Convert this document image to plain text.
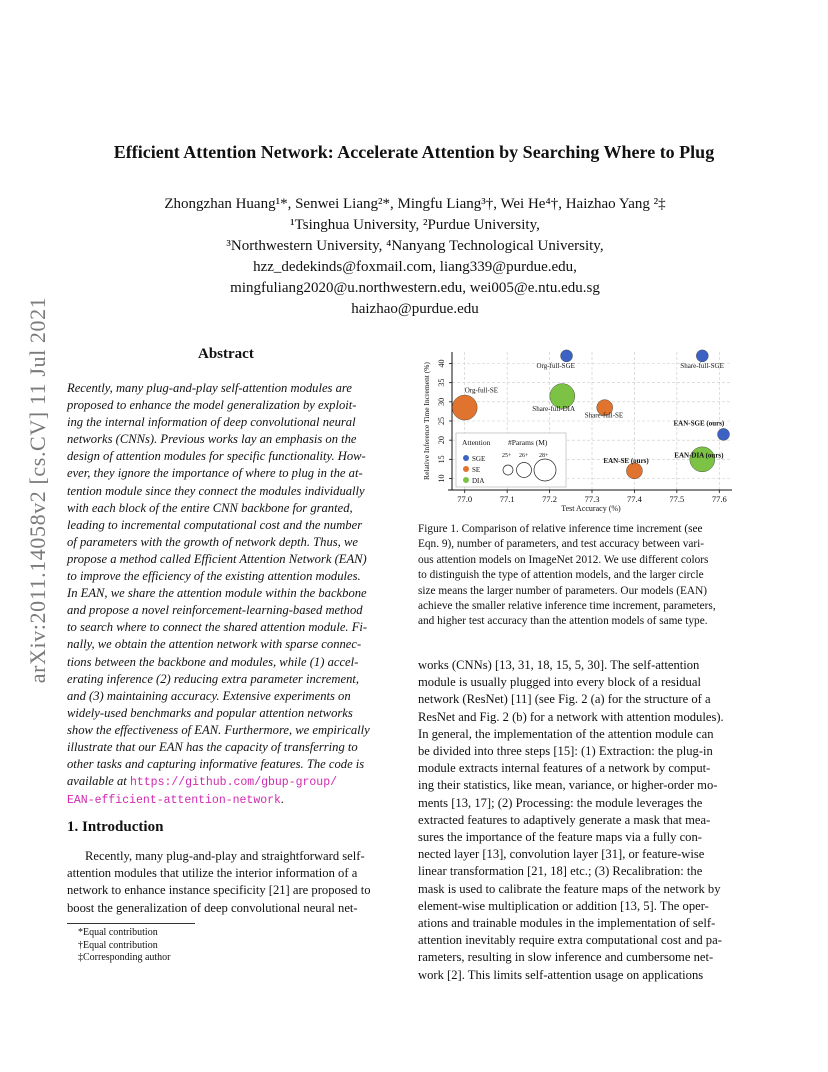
arXiv:2011.14058v2 [cs.CV] 11 Jul 2021
Efficient Attention Network: Accelerate Attention by Searching Where to Plug
Zhongzhan Huang¹*, Senwei Liang²*, Mingfu Liang³†, Wei He⁴†, Haizhao Yang ²‡
¹Tsinghua University, ²Purdue University,
³Northwestern University, ⁴Nanyang Technological University,
hzz_dedekinds@foxmail.com, liang339@purdue.edu,
mingfuliang2020@u.northwestern.edu, wei005@e.ntu.edu.sg
haizhao@purdue.edu
Abstract
Recently, many plug-and-play self-attention modules are
proposed to enhance the model generalization by exploit-
ing the internal information of deep convolutional neural
networks (CNNs). Previous works lay an emphasis on the
design of attention modules for specific functionality. How-
ever, they ignore the importance of where to plug in the at-
tention module since they connect the modules individually
with each block of the entire CNN backbone for granted,
leading to incremental computational cost and the number
of parameters with the growth of network depth. Thus, we
propose a method called Efficient Attention Network (EAN)
to improve the efficiency of the existing attention modules.
In EAN, we share the attention module within the backbone
and propose a novel reinforcement-learning-based method
to search where to connect the shared attention module. Fi-
nally, we obtain the attention network with sparse connec-
tions between the backbone and modules, while (1) accel-
erating inference (2) reducing extra parameter increment,
and (3) maintaining accuracy. Extensive experiments on
widely-used benchmarks and popular attention networks
show the effectiveness of EAN. Furthermore, we empirically
illustrate that our EAN has the capacity of transferring to
other tasks and capturing informative features. The code is
available at https://github.com/gbup-group/
EAN-efficient-attention-network.
1. Introduction
Recently, many plug-and-play and straightforward self-
attention modules that utilize the interior information of a
network to enhance instance specificity [21] are proposed to
boost the generalization of deep convolutional neural net-
*Equal contribution
†Equal contribution
‡Corresponding author
10
15
20
25
30
35
40
77.0	77.1	77.2	77.3	77.4	77.5	77.6
Relative Inference Time Increment (%)
Test Accuracy (%)
Attention #Params (M)
SGE
SE
DIA
25+ 26+ 28+
Org-full-SE
Org-full-SGE	Share-full-SGE
Share-full-DIA
Share-full-SE
EAN-SGE (ours)
EAN-SE (ours)
EAN-DIA (ours)
Figure 1. Comparison of relative inference time increment (see
Eqn. 9), number of parameters, and test accuracy between vari-
ous attention models on ImageNet 2012. We use different colors
to distinguish the type of attention models, and the larger circle
size means the larger number of parameters. Our models (EAN)
achieve the smaller relative inference time increment, parameters,
and higher test accuracy than the attention models of same type.
works (CNNs) [13, 31, 18, 15, 5, 30]. The self-attention
module is usually plugged into every block of a residual
network (ResNet) [11] (see Fig. 2 (a) for the structure of a
ResNet and Fig. 2 (b) for a network with attention modules).
In general, the implementation of the attention module can
be divided into three steps [15]: (1) Extraction: the plug-in
module extracts internal features of a network by comput-
ing their statistics, like mean, variance, or higher-order mo-
ments [13, 17]; (2) Processing: the module leverages the
extracted features to adaptively generate a mask that mea-
sures the importance of the feature maps via a fully con-
nected layer [13], convolution layer [31], or feature-wise
linear transformation [21, 18] etc.; (3) Recalibration: the
mask is used to calibrate the feature maps of the network by
element-wise multiplication or addition [13, 5]. The oper-
ations and trainable modules in the implementation of self-
attention inevitably require extra computational cost and pa-
rameters, resulting in slow inference and cumbersome net-
work [2]. This limits self-attention usage on applications
